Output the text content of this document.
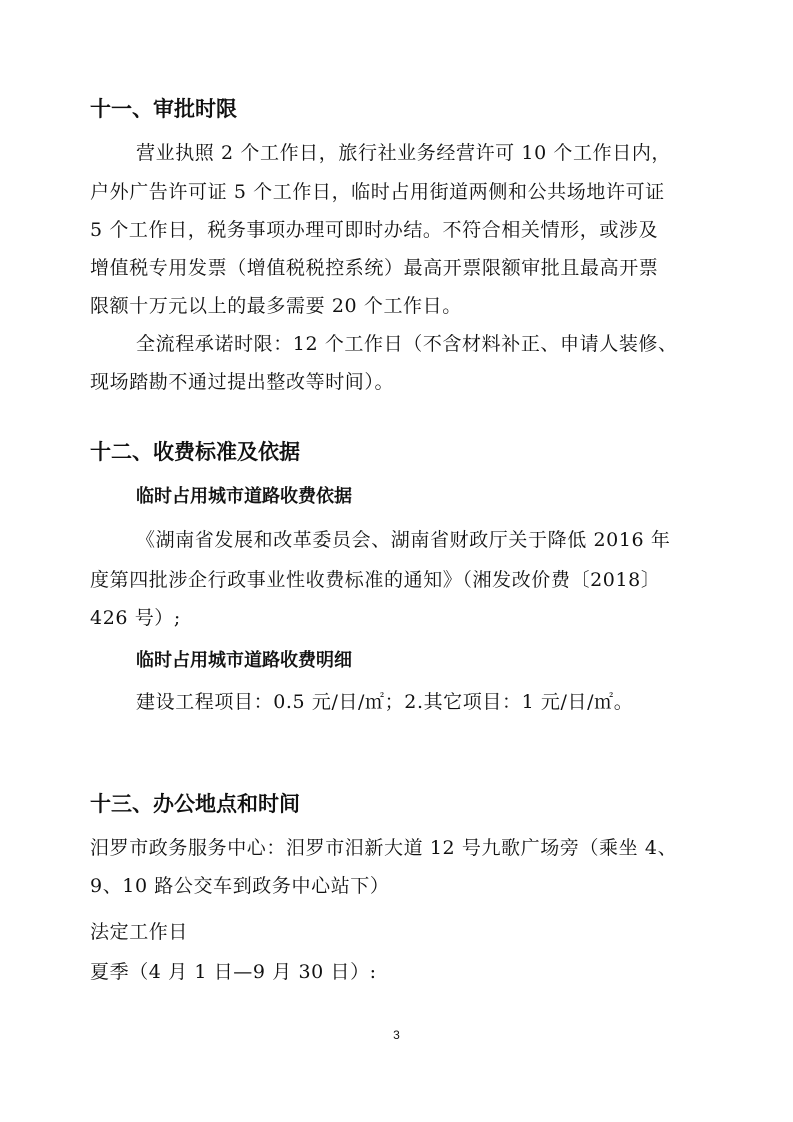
十一、审批时限
营业执照 2 个工作日，旅行社业务经营许可 10 个工作日内，
户外广告许可证 5 个工作日，临时占用街道两侧和公共场地许可证
5 个工作日，税务事项办理可即时办结。不符合相关情形，或涉及
增值税专用发票（增值税税控系统）最高开票限额审批且最高开票
限额十万元以上的最多需要 20 个工作日。
全流程承诺时限：12 个工作日（不含材料补正、申请人装修、
现场踏勘不通过提出整改等时间）。
十二、收费标准及依据
临时占用城市道路收费依据
《湖南省发展和改革委员会、湖南省财政厅关于降低 2016 年
度第四批涉企行政事业性收费标准的通知》（湘发改价费〔2018〕
426 号）;
临时占用城市道路收费明细
建设工程项目：0.5 元/日/㎡；2.其它项目：1 元/日/㎡。
十三、办公地点和时间
汨罗市政务服务中心：汨罗市汨新大道 12 号九歌广场旁（乘坐 4、
9、10 路公交车到政务中心站下）
法定工作日
夏季（4 月 1 日—9 月 30 日）:
3
